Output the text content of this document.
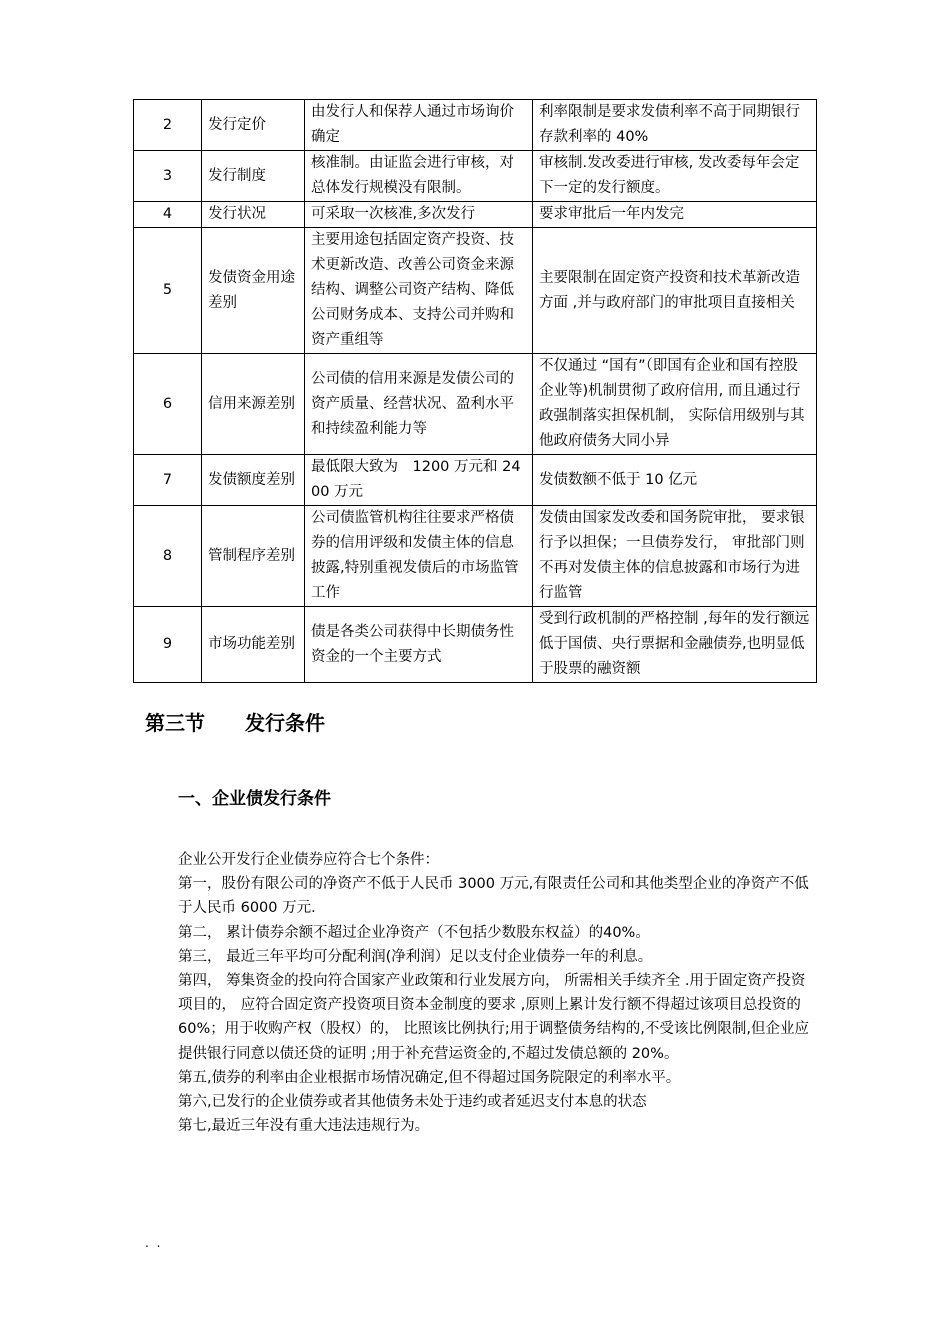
2	发行定价	由发行人和保荐人通过市场询价确定	利率限制是要求发债利率不高于同期银行存款利率的 40%
3	发行制度	核准制。由证监会进行审核，对总体发行规模没有限制。	审核制.发改委进行审核, 发改委每年会定下一定的发行额度。
4	发行状况	可采取一次核准,多次发行	要求审批后一年内发完
5	发债资金用途差别	主要用途包括固定资产投资、技术更新改造、改善公司资金来源结构、调整公司资产结构、降低公司财务成本、支持公司并购和资产重组等	主要限制在固定资产投资和技术革新改造方面 ,并与政府部门的审批项目直接相关
6	信用来源差别	公司债的信用来源是发债公司的资产质量、经营状况、盈利水平和持续盈利能力等	不仅通过 “国有”（即国有企业和国有控股企业等)机制贯彻了政府信用, 而且通过行政强制落实担保机制， 实际信用级别与其他政府债务大同小异
7	发债额度差别	最低限大致为　1200 万元和 2400 万元	发债数额不低于 10 亿元
8	管制程序差别	公司债监管机构往往要求严格债券的信用评级和发债主体的信息披露,特别重视发债后的市场监管工作	发债由国家发改委和国务院审批， 要求银行予以担保；一旦债券发行， 审批部门则不再对发债主体的信息披露和市场行为进行监管
9	市场功能差别	债是各类公司获得中长期债务性资金的一个主要方式	受到行政机制的严格控制 ,每年的发行额远低于国债、央行票据和金融债券,也明显低于股票的融资额
第三节　　发行条件
一、企业债发行条件

企业公开发行企业债券应符合七个条件：

第一，股份有限公司的净资产不低于人民币 3000 万元,有限责任公司和其他类型企业的净资产不低于人民币 6000 万元.

第二， 累计债券余额不超过企业净资产（不包括少数股东权益）的40%。

第三， 最近三年平均可分配利润(净利润）足以支付企业债券一年的利息。

第四， 筹集资金的投向符合国家产业政策和行业发展方向， 所需相关手续齐全 .用于固定资产投资项目的， 应符合固定资产投资项目资本金制度的要求 ,原则上累计发行额不得超过该项目总投资的 60%；用于收购产权（股权）的， 比照该比例执行;用于调整债务结构的,不受该比例限制,但企业应提供银行同意以债还贷的证明 ;用于补充营运资金的,不超过发债总额的 20%。

第五,债券的利率由企业根据市场情况确定,但不得超过国务院限定的利率水平。

第六,已发行的企业债券或者其他债务未处于违约或者延迟支付本息的状态

第七,最近三年没有重大违法违规行为。

. .
